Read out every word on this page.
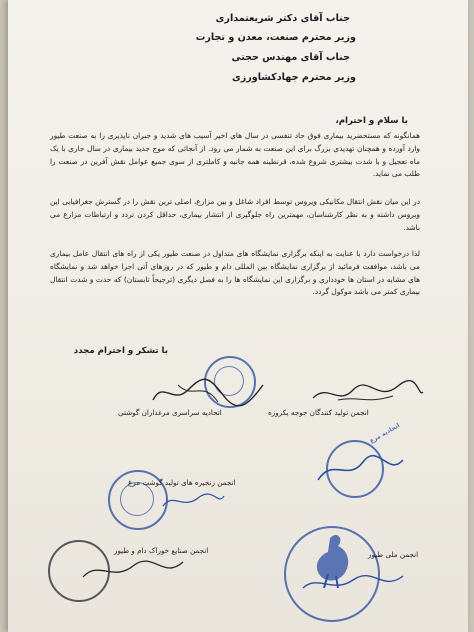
جناب آقای دکتر شریعتمداری
وزیر محترم صنعت، معدن و تجارت
جناب آقای مهندس حجتی
وزیر محترم جهادکشاورزی
با سلام و احترام،
همانگونه که مستحضرید بیماری فوق حاد تنفسی در سال های اخیر آسیب های شدید و جبران ناپذیری را به صنعت طیور وارد آورده و همچنان تهدیدی بزرگ برای این صنعت به شمار می رود. از آنجائی که موج جدید بیماری در سال جاری با یک ماه تعجیل و با شدت بیشتری شروع شده، قرنطینه همه جانبه و کاملتری از سوی جمیع عوامل نقش آفرین در صنعت را طلب می نماید.
در این میان نقش انتقال مکانیکی ویروس توسط افراد شاغل و بین مزارع، اصلی ترین نقش را در گسترش جغرافیایی این ویروس داشته و به نظر کارشناسان، مهمترین راه جلوگیری از انتشار بیماری، حداقل کردن تردد و ارتباطات مزارع می باشد.
لذا درخواست دارد با عنایت به اینکه برگزاری نمایشگاه های متداول در صنعت طیور یکی از راه های انتقال عامل بیماری می باشد، موافقت فرمائید از برگزاری نمایشگاه بین المللی دام و طیور که در روزهای آتی اجرا خواهد شد و نمایشگاه های مشابه در استان ها خودداری و برگزاری این نمایشگاه ها را به فصل دیگری (ترجیحاً تابستان) که حدت و شدت انتقال بیماری کمتر می باشد موکول گردد.
با تشکر و احترام مجدد
انجمن تولید کنندگان جوجه یکروزه
اتحادیه سراسری مرغداران گوشتی
اتحادیه مرغ
انجمن زنجیره های تولید گوشت مرغ
انجمن صنایع خوراک دام و طیور	انجمن ملی طیور
